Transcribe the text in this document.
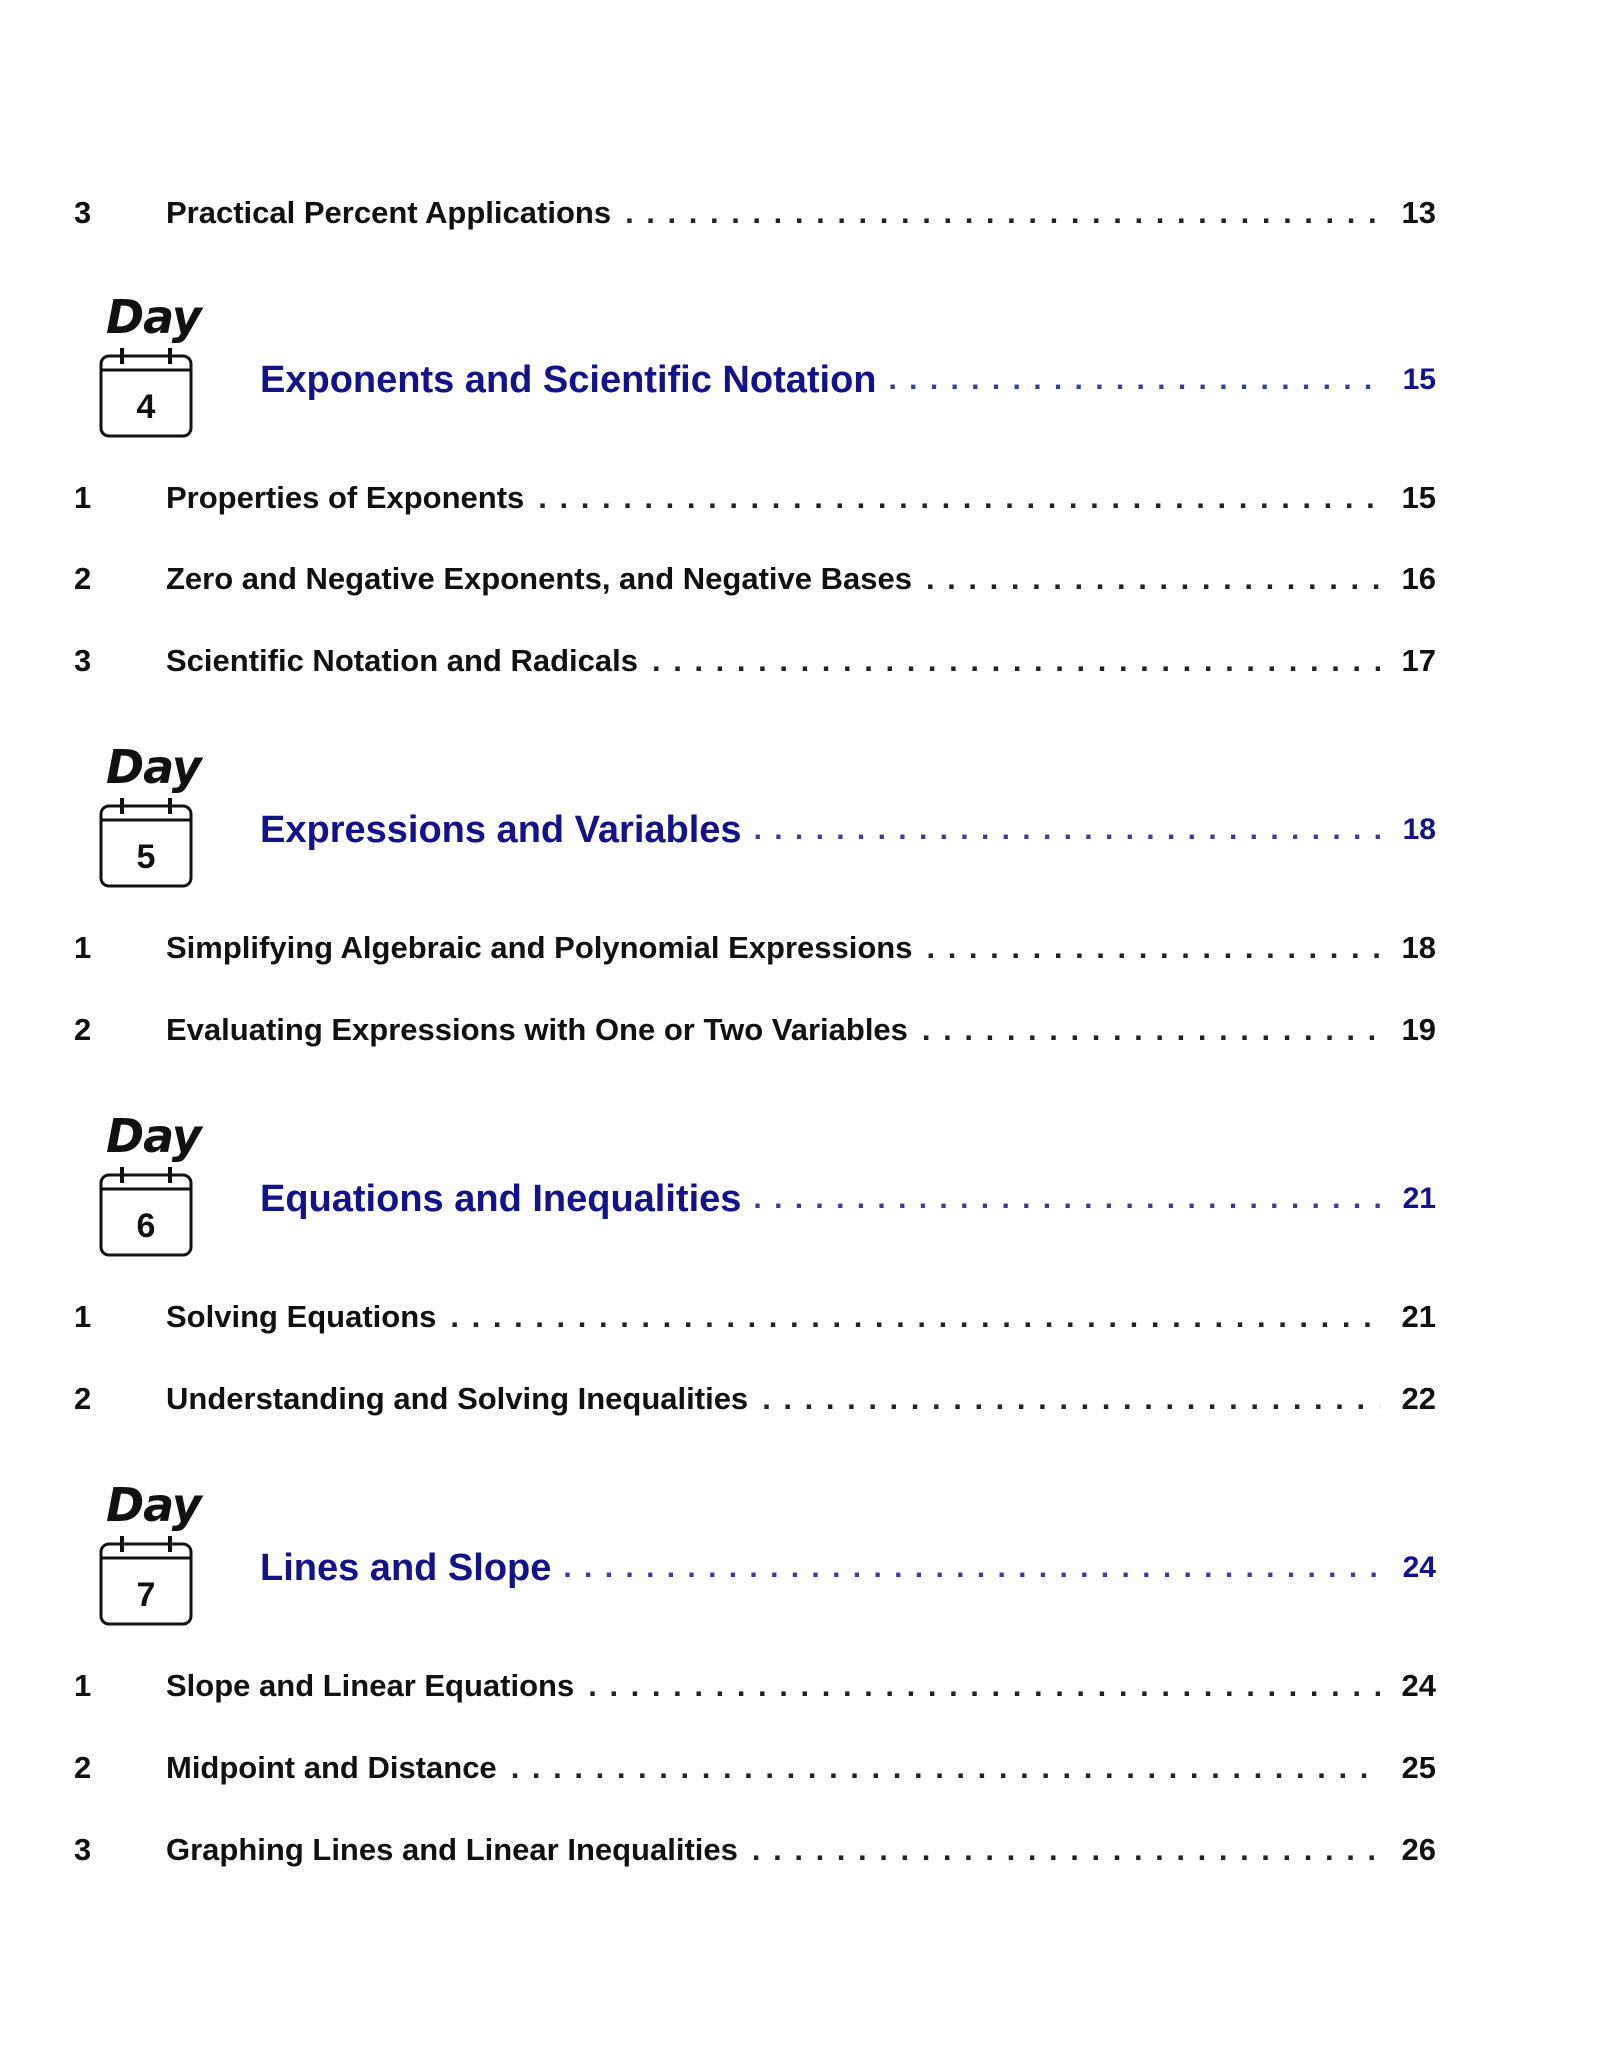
3	Practical Percent Applications . . .	13
Day
4
Exponents and Scientific Notation . . .	15
1	Properties of Exponents . . .	15
2	Zero and Negative Exponents, and Negative Bases . . .	16
3	Scientific Notation and Radicals . . .	17
Day
5
Expressions and Variables . . .	18
1	Simplifying Algebraic and Polynomial Expressions . . .	18
2	Evaluating Expressions with One or Two Variables . . .	19
Day
6
Equations and Inequalities . . .	21
1	Solving Equations . . .	21
2	Understanding and Solving Inequalities . . .	22
Day
7
Lines and Slope . . .	24
1	Slope and Linear Equations . . .	24
2	Midpoint and Distance . . .	25
3	Graphing Lines and Linear Inequalities . . .	26
